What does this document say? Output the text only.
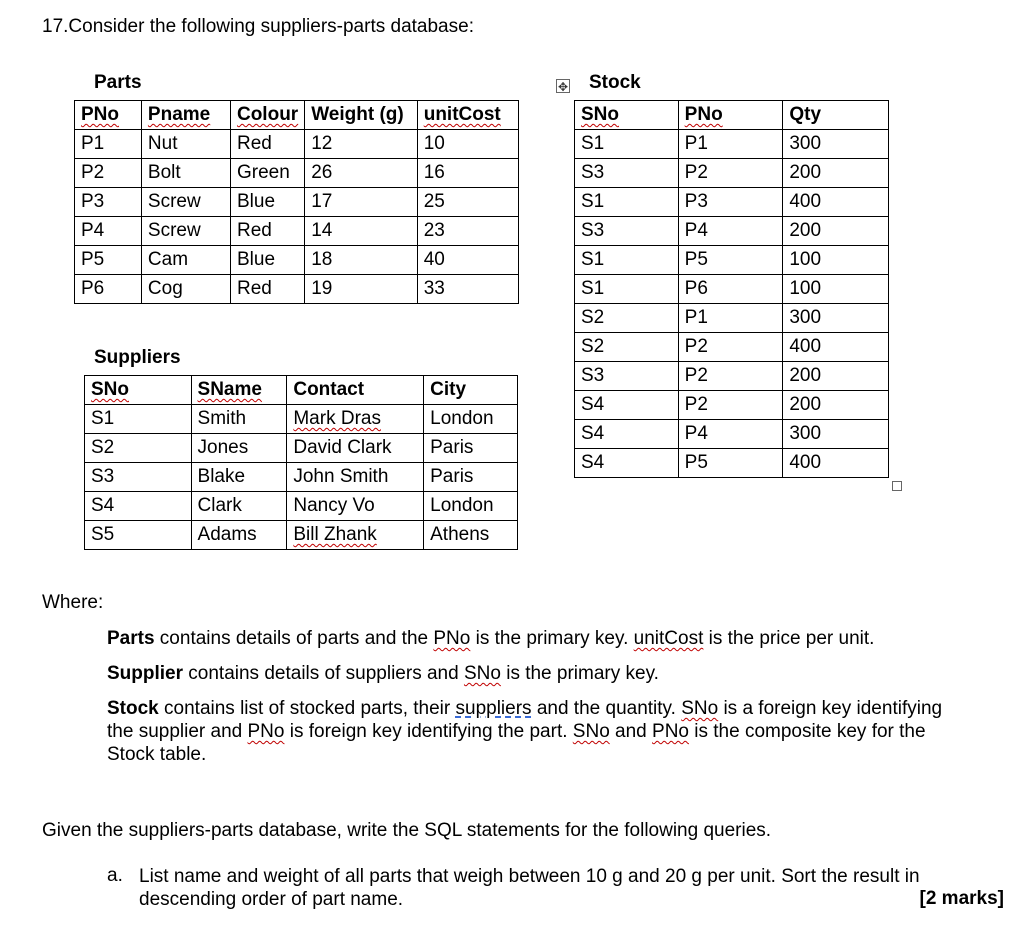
17.Consider the following suppliers-parts database:
Parts
PNo	Pname	Colour	Weight (g)	unitCost
P1	Nut	Red	12	10
P2	Bolt	Green	26	16
P3	Screw	Blue	17	25
P4	Screw	Red	14	23
P5	Cam	Blue	18	40
P6	Cog	Red	19	33
Suppliers
SNo	SName	Contact	City
S1	Smith	Mark Dras	London
S2	Jones	David Clark	Paris
S3	Blake	John Smith	Paris
S4	Clark	Nancy Vo	London
S5	Adams	Bill Zhank	Athens
✥ Stock
SNo	PNo	Qty
S1	P1	300
S3	P2	200
S1	P3	400
S3	P4	200
S1	P5	100
S1	P6	100
S2	P1	300
S2	P2	400
S3	P2	200
S4	P2	200
S4	P4	300
S4	P5	400
Where:

Parts contains details of parts and the PNo is the primary key. unitCost is the price per unit.

Supplier contains details of suppliers and SNo is the primary key.

Stock contains list of stocked parts, their suppliers and the quantity. SNo is a foreign key identifying the supplier and PNo is foreign key identifying the part. SNo and PNo is the composite key for the Stock table.

Given the suppliers-parts database, write the SQL statements for the following queries.
a. List name and weight of all parts that weigh between 10 g and 20 g per unit. Sort the result in descending order of part name.	[2 marks]
